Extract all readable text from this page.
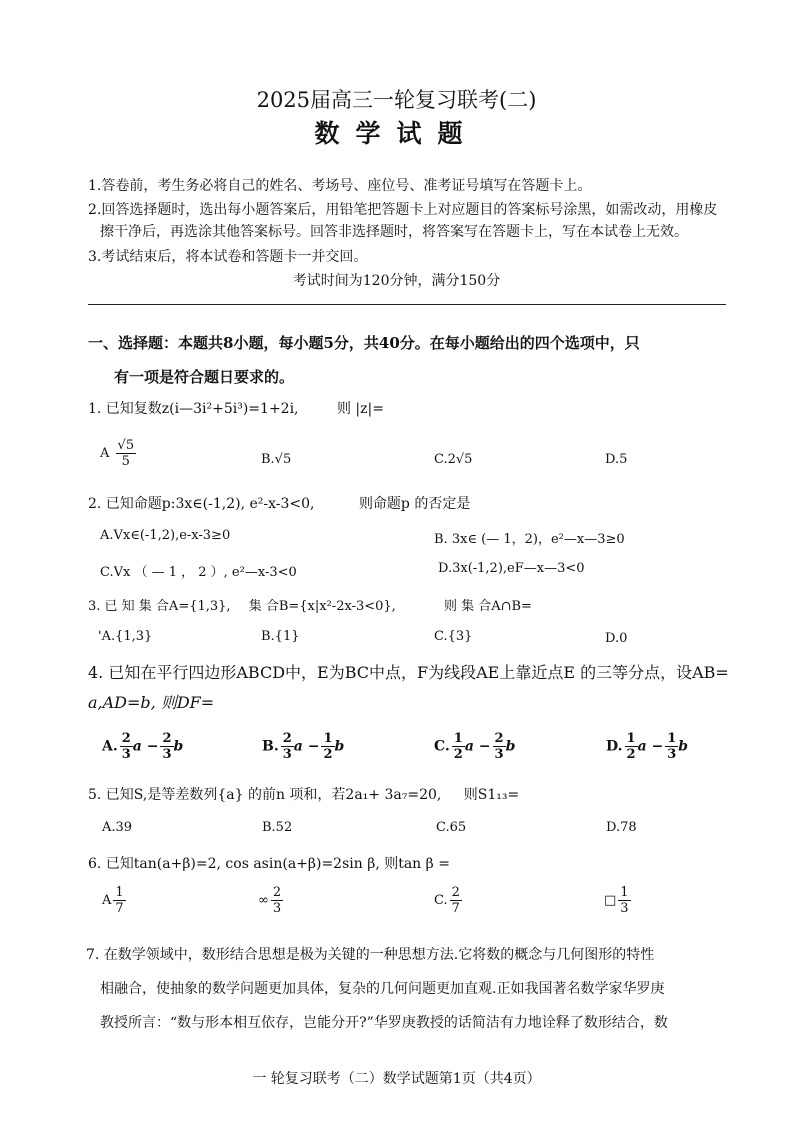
2025届高三一轮复习联考(二)
数学试题
1.答卷前，考生务必将自己的姓名、考场号、座位号、准考证号填写在答题卡上。
2.回答选择题时，选出每小题答案后，用铅笔把答题卡上对应题目的答案标号涂黑，如需改动，用橡皮
擦干净后，再选涂其他答案标号。回答非选择题时，将答案写在答题卡上，写在本试卷上无效。
3.考试结束后，将本试卷和答题卡一并交回。
考试时间为120分钟，满分150分
一、选择题：本题共8小题，每小题5分，共40分。在每小题给出的四个选项中，只
有一项是符合题日要求的。
1. 已知复数z(i—3i²+5i³)=1+2i,	则 |z|=
A $\frac{√5}{5}$	B.√5	C.2√5	D.5
2. 已知命题p:3x∈(-1,2), e²-x-3<0,	则命题p 的否定是
A.Vx∈(-1,2),e-x-3≥0	B. 3x∈ (— 1，2)，e²—x—3≥0
C.Vx （ — 1 ， 2 ）, e²—x-3<0	D.3x(-1,2),eF—x—3<0
3. 已 知 集 合A={1,3}, 集 合B={x|x²-2x-3<0},	则 集 合A∩B=
'A.{1,3}	B.{1}	C.{3}	D.0
4. 已知在平行四边形ABCD中，E为BC中点，F为线段AE上靠近点E 的三等分点，设AB=
a,AD=b, 则DF=
A. $\frac{2}{3}$ $a - \frac{2}{3}$ b	B. $\frac{2}{3}$ $a - \frac{1}{2}$ b	C. $\frac{1}{2}$ $a - \frac{2}{3}$ b	D. $\frac{1}{2}$ $a - \frac{1}{3}$ b
5. 已知S,是等差数列{a} 的前n 项和，若2a₁+ 3a₇=20, 则S1₁₃=
A.39	B.52	C.65	D.78
6. 已知tan(a+β)=2, cos asin(a+β)=2sin β, 则tan β =
A $\frac{1}{7}$	∞ $\frac{2}{3}$	C. $\frac{2}{7}$	□ $\frac{1}{3}$
7. 在数学领域中，数形结合思想是极为关键的一种思想方法.它将数的概念与几何图形的特性
相融合，使抽象的数学问题更加具体，复杂的几何问题更加直观.正如我国著名数学家华罗庚
教授所言：“数与形本相互依存，岂能分开?”华罗庚教授的话简洁有力地诠释了数形结合，数
一 轮复习联考（二）数学试题第1页（共4页）
